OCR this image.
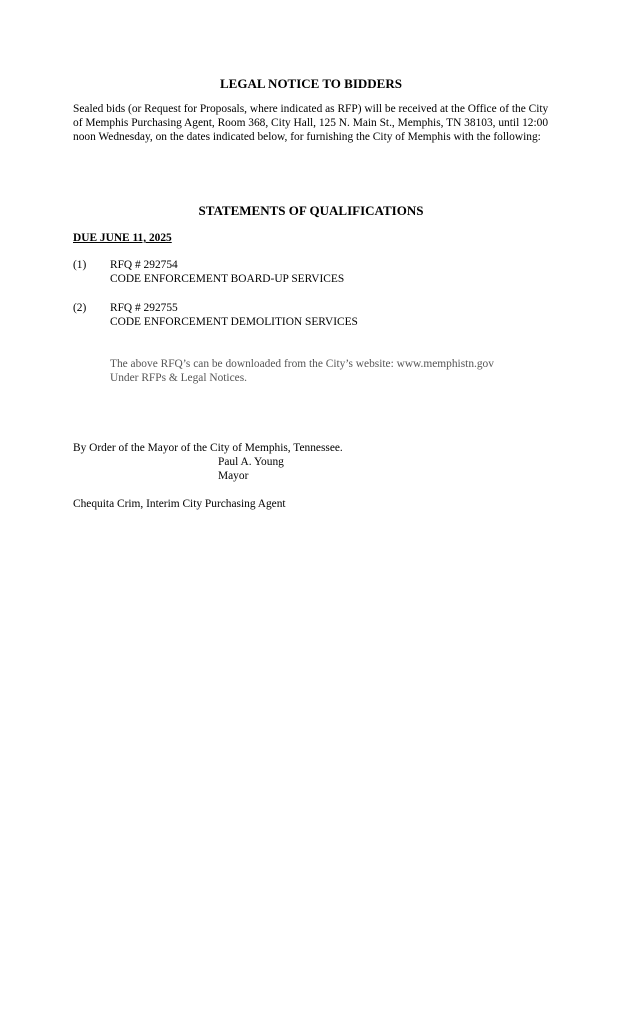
LEGAL NOTICE TO BIDDERS

Sealed bids (or Request for Proposals, where indicated as RFP) will be received at the Office of the City of Memphis Purchasing Agent, Room 368, City Hall, 125 N. Main St., Memphis, TN 38103, until 12:00 noon Wednesday, on the dates indicated below, for furnishing the City of Memphis with the following:

STATEMENTS OF QUALIFICATIONS

DUE JUNE 11, 2025

(1) RFQ # 292754
CODE ENFORCEMENT BOARD-UP SERVICES
(2) RFQ # 292755
CODE ENFORCEMENT DEMOLITION SERVICES
The above RFQ’s can be downloaded from the City’s website: www.memphistn.gov
Under RFPs & Legal Notices.
By Order of the Mayor of the City of Memphis, Tennessee.
Paul A. Young
Mayor
Chequita Crim, Interim City Purchasing Agent
